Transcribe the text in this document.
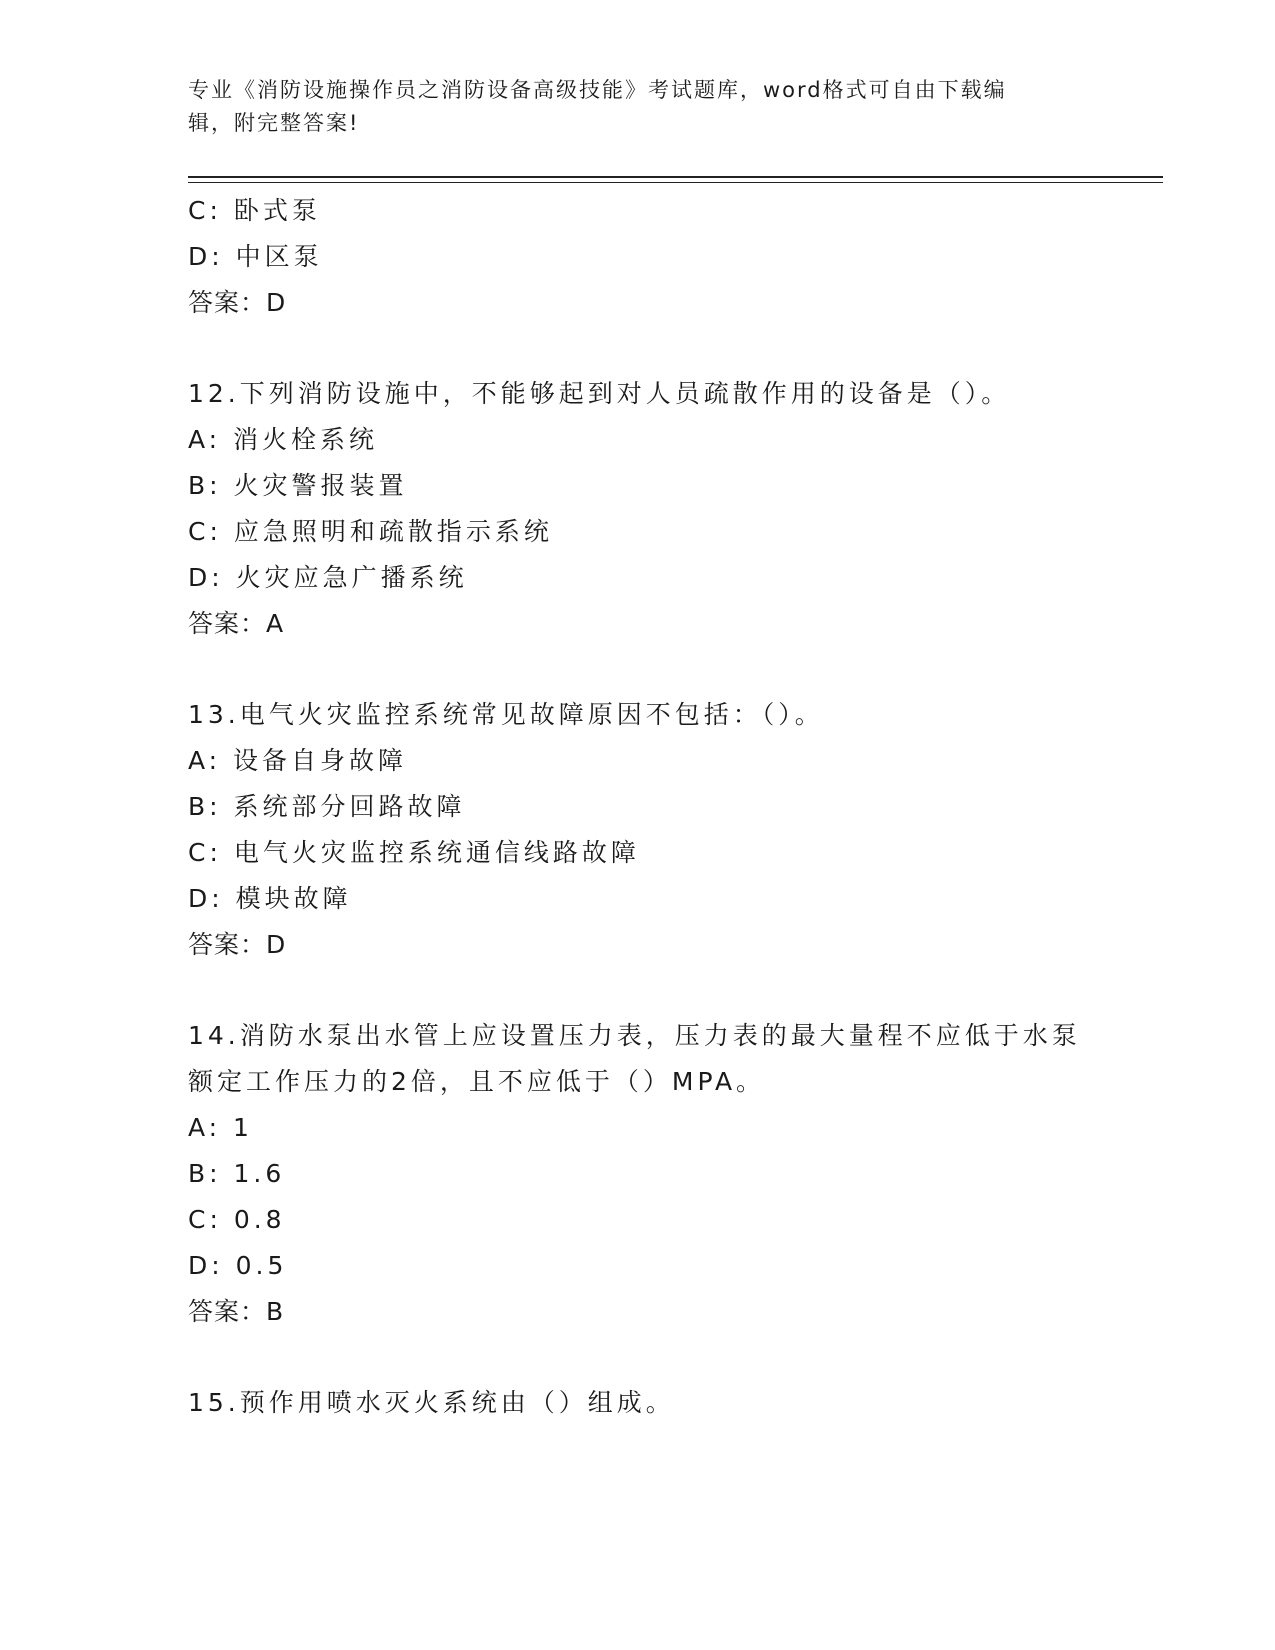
专业《消防设施操作员之消防设备高级技能》考试题库，word格式可自由下载编
辑，附完整答案!
C: 卧式泵
D: 中区泵
答案：D
12.下列消防设施中，不能够起到对人员疏散作用的设备是（）。
A: 消火栓系统
B: 火灾警报装置
C: 应急照明和疏散指示系统
D: 火灾应急广播系统
答案：A
13.电气火灾监控系统常见故障原因不包括：（）。
A: 设备自身故障
B: 系统部分回路故障
C: 电气火灾监控系统通信线路故障
D: 模块故障
答案：D
14.消防水泵出水管上应设置压力表，压力表的最大量程不应低于水泵
额定工作压力的2倍，且不应低于（）MPA。
A: 1
B: 1.6
C: 0.8
D: 0.5
答案：B
15.预作用喷水灭火系统由（）组成。
